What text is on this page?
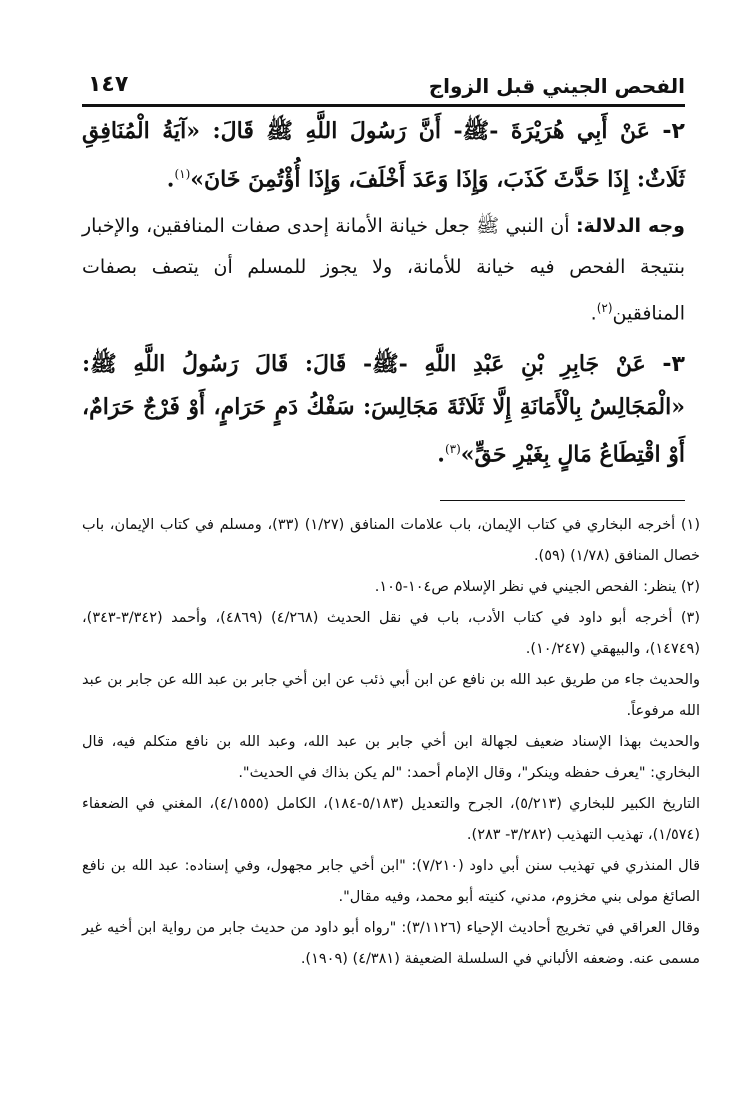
الفحص الجيني قبل الزواج
١٤٧

٢- عَنْ أَبِي هُرَيْرَةَ -ﷺ- أَنَّ رَسُولَ اللَّهِ ﷺ قَالَ: «آيَةُ الْمُنَافِقِ ثَلَاثٌ: إِذَا حَدَّثَ كَذَبَ، وَإِذَا وَعَدَ أَخْلَفَ، وَإِذَا أُؤْتُمِنَ خَانَ»$^{(١)}$.

وجه الدلالة: أن النبي ﷺ جعل خيانة الأمانة إحدى صفات المنافقين، والإخبار بنتيجة الفحص فيه خيانة للأمانة، ولا يجوز للمسلم أن يتصف بصفات المنافقين$^{(٢)}$.

٣- عَنْ جَابِرِ بْنِ عَبْدِ اللَّهِ -ﷺ- قَالَ: قَالَ رَسُولُ اللَّهِ ﷺ: «الْمَجَالِسُ بِالْأَمَانَةِ إِلَّا ثَلَاثَةَ مَجَالِسَ: سَفْكُ دَمٍ حَرَامٍ، أَوْ فَرْجٌ حَرَامٌ، أَوْ اقْتِطَاعُ مَالٍ بِغَيْرِ حَقٍّ»$^{(٣)}$.

(١) أخرجه البخاري في كتاب الإيمان، باب علامات المنافق (١/٢٧) (٣٣)، ومسلم في كتاب الإيمان، باب خصال المنافق (١/٧٨) (٥٩).

(٢) ينظر: الفحص الجيني في نظر الإسلام ص١٠٤-١٠٥.

(٣) أخرجه أبو داود في كتاب الأدب، باب في نقل الحديث (٤/٢٦٨) (٤٨٦٩)، وأحمد (٣/٣٤٢-٣٤٣)، (١٤٧٤٩)، والبيهقي (١٠/٢٤٧).

والحديث جاء من طريق عبد الله بن نافع عن ابن أبي ذئب عن ابن أخي جابر بن عبد الله عن جابر بن عبد الله مرفوعاً.

والحديث بهذا الإسناد ضعيف لجهالة ابن أخي جابر بن عبد الله، وعبد الله بن نافع متكلم فيه، قال البخاري: "يعرف حفظه وينكر"، وقال الإمام أحمد: "لم يكن بذاك في الحديث".

التاريخ الكبير للبخاري (٥/٢١٣)، الجرح والتعديل (٥/١٨٣-١٨٤)، الكامل (٤/١٥٥٥)، المغني في الضعفاء (١/٥٧٤)، تهذيب التهذيب (٣/٢٨٢- ٢٨٣).

قال المنذري في تهذيب سنن أبي داود (٧/٢١٠): "ابن أخي جابر مجهول، وفي إسناده: عبد الله بن نافع الصائغ مولى بني مخزوم، مدني، كنيته أبو محمد، وفيه مقال".

وقال العراقي في تخريج أحاديث الإحياء (٣/١١٢٦): "رواه أبو داود من حديث جابر من رواية ابن أخيه غير مسمى عنه. وضعفه الألباني في السلسلة الضعيفة (٤/٣٨١) (١٩٠٩).
